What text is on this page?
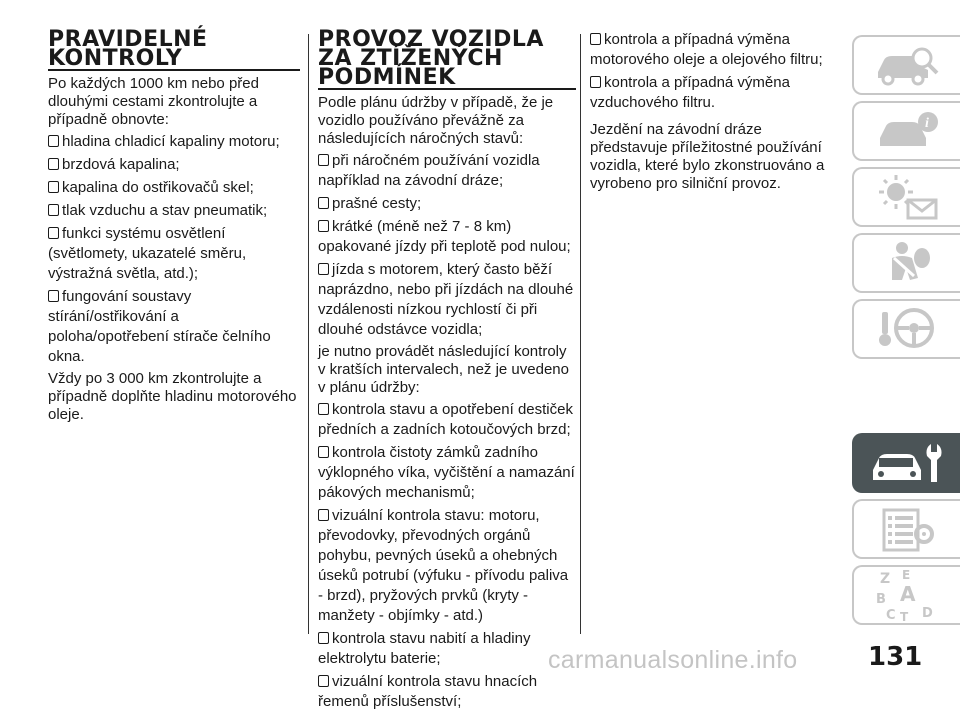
PRAVIDELNÉ
KONTROLY

Po každých 1000 km nebo před dlouhými cestami zkontrolujte a případně obnovte:

hladina chladicí kapaliny motoru;
brzdová kapalina;
kapalina do ostřikovačů skel;
tlak vzduchu a stav pneumatik;
funkci systému osvětlení (světlomety, ukazatelé směru, výstražná světla, atd.);
fungování soustavy stírání/ostřikování a poloha/opotřebení stírače čelního okna.

Vždy po 3 000 km zkontrolujte a případně doplňte hladinu motorového oleje.

PROVOZ VOZIDLA
ZA ZTÍŽENÝCH
PODMÍNEK

Podle plánu údržby v případě, že je vozidlo používáno převážně za následujících náročných stavů:

při náročném používání vozidla například na závodní dráze;
prašné cesty;
krátké (méně než 7 - 8 km) opakované jízdy při teplotě pod nulou;
jízda s motorem, který často běží naprázdno, nebo při jízdách na dlouhé vzdálenosti nízkou rychlostí či při dlouhé odstávce vozidla;

je nutno provádět následující kontroly v kratších intervalech, než je uvedeno v plánu údržby:

kontrola stavu a opotřebení destiček předních a zadních kotoučových brzd;
kontrola čistoty zámků zadního výklopného víka, vyčištění a namazání pákových mechanismů;
vizuální kontrola stavu: motoru, převodovky, převodných orgánů pohybu, pevných úseků a ohebných úseků potrubí (výfuku - přívodu paliva - brzd), pryžových prvků (kryty - manžety - objímky - atd.)
kontrola stavu nabití a hladiny elektrolytu baterie;
vizuální kontrola stavu hnacích řemenů příslušenství;
kontrola a případná výměna motorového oleje a olejového filtru;
kontrola a případná výměna vzduchového filtru.

Jezdění na závodní dráze představuje příležitostné používání vozidla, které bylo zkonstruováno a vyrobeno pro silniční provoz.

i
Z E
B A
C T D
carmanualsonline.info	131
